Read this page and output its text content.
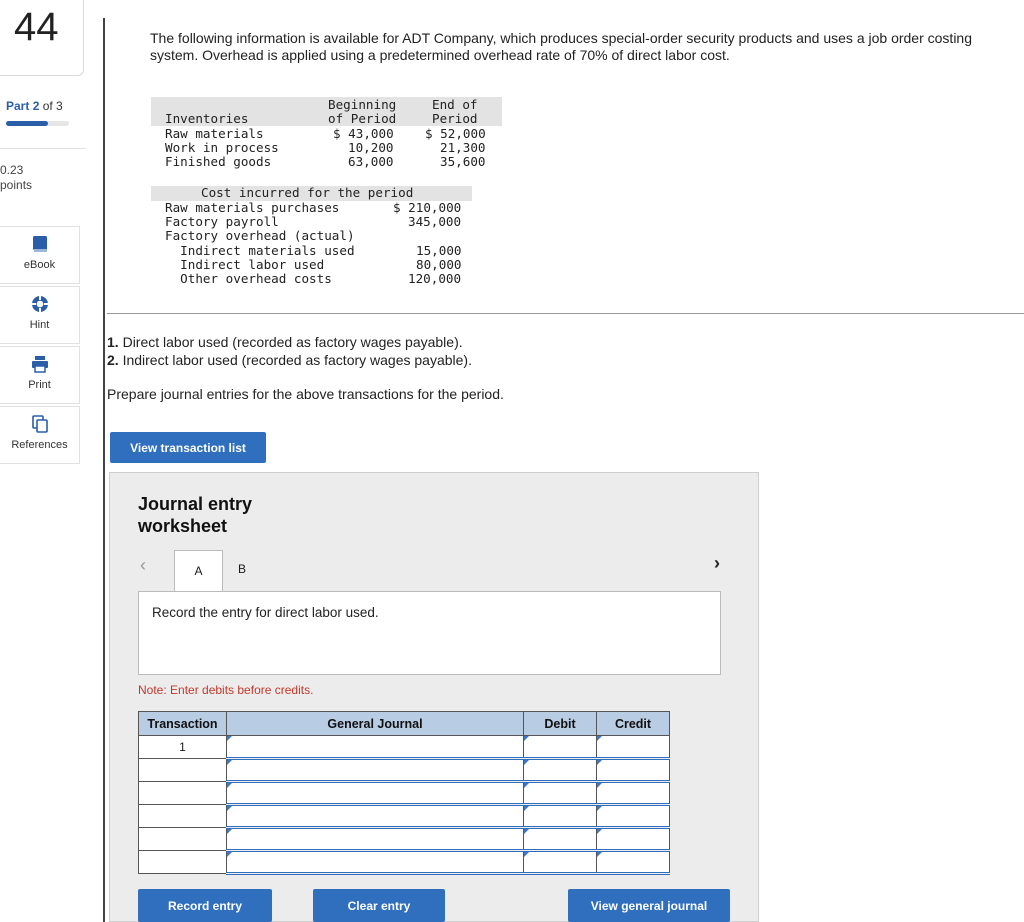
44
Part 2 of 3
0.23
points
eBook
Hint
Print
References
The following information is available for ADT Company, which produces special-order security products and uses a job order costing system. Overhead is applied using a predetermined overhead rate of 70% of direct labor cost.
Beginning
of Period
End of
Period
Inventories
Raw materials	$ 43,000 $ 52,000
Work in process	10,200	21,300
Finished goods	63,000	35,600
Cost incurred for the period
Raw materials purchases	$ 210,000
Factory payroll	345,000
Factory overhead (actual)
Indirect materials used	15,000
Indirect labor used	80,000
Other overhead costs	120,000
1. Direct labor used (recorded as factory wages payable).
2. Indirect labor used (recorded as factory wages payable).
Prepare journal entries for the above transactions for the period.
View transaction list
Journal entry
worksheet
‹	A	B	›
Record the entry for direct labor used.
Note: Enter debits before credits.
Transaction	General Journal	Debit	Credit
1	

Record entry	Clear entry	View general journal
